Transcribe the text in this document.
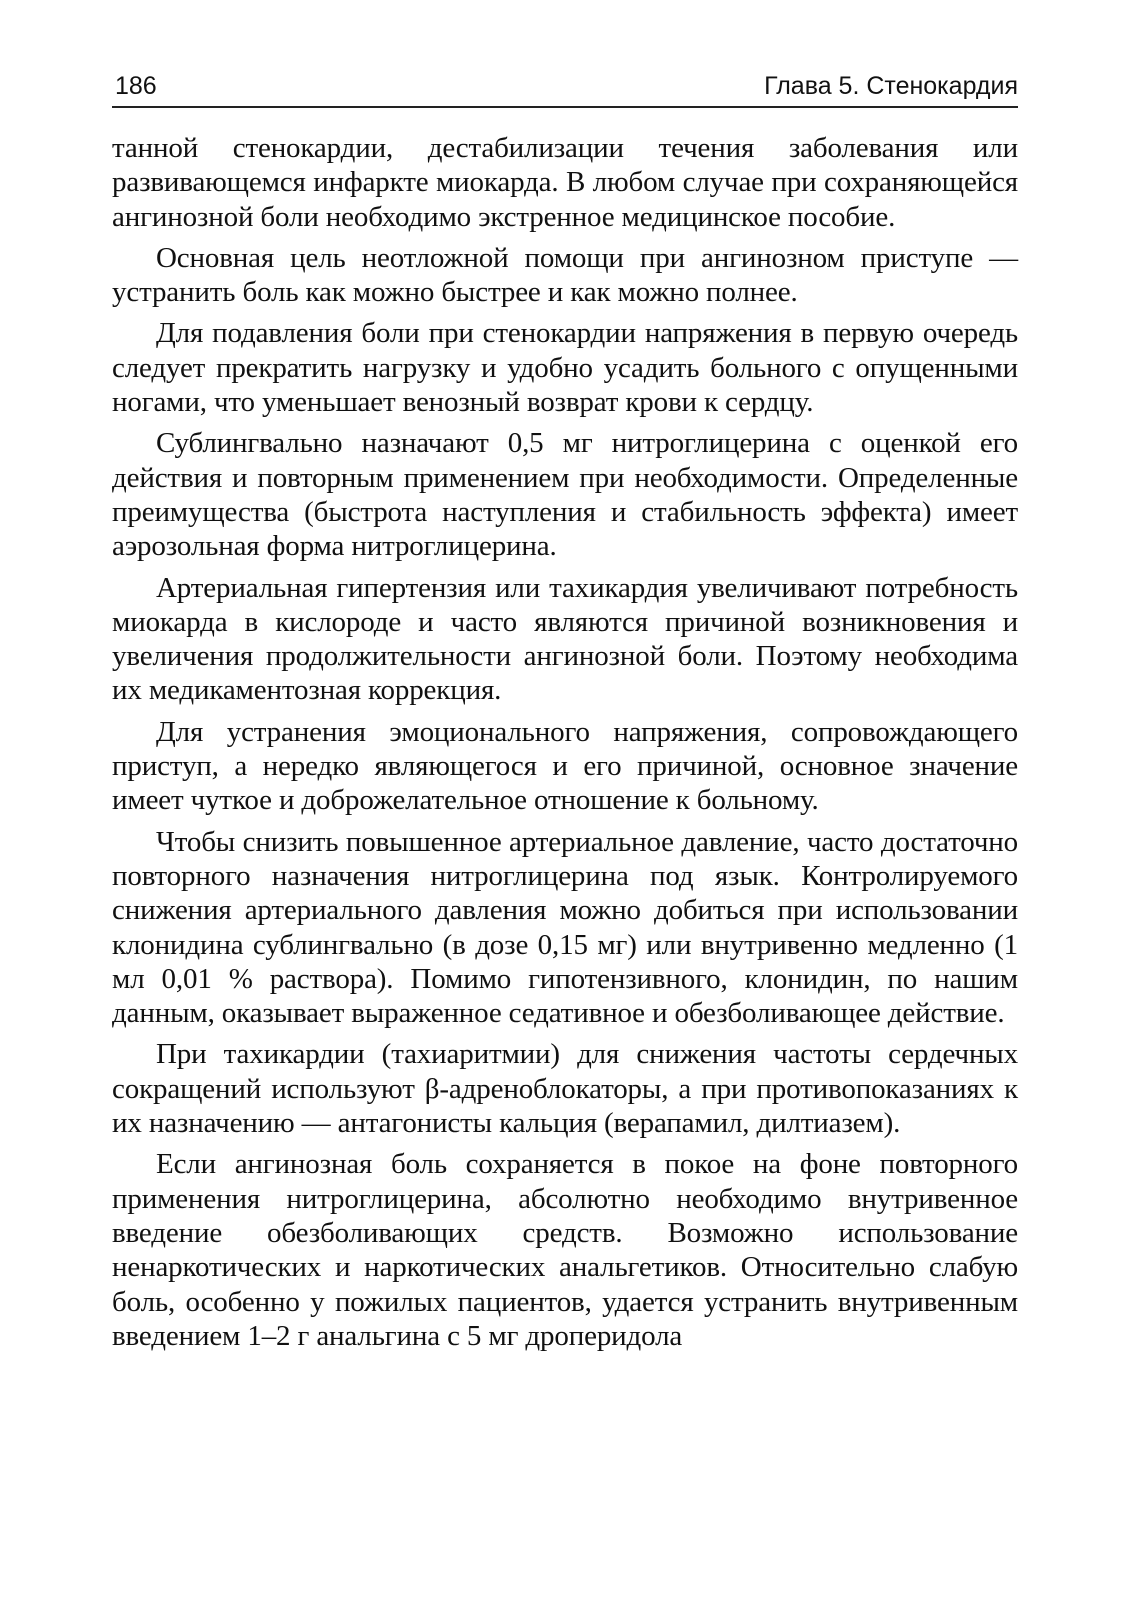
186	Глава 5. Стенокардия

танной стенокардии, дестабилизации течения заболевания или развивающемся инфаркте миокарда. В любом случае при сохраняющейся ангинозной боли необходимо экстренное медицинское пособие.

Основная цель неотложной помощи при ангинозном приступе — устранить боль как можно быстрее и как можно полнее.

Для подавления боли при стенокардии напряжения в первую очередь следует прекратить нагрузку и удобно усадить больного с опущенными ногами, что уменьшает венозный возврат крови к сердцу.

Сублингвально назначают 0,5 мг нитроглицерина с оценкой его действия и повторным применением при необходимости. Определенные преимущества (быстрота наступления и стабильность эффекта) имеет аэрозольная форма нитроглицерина.

Артериальная гипертензия или тахикардия увеличивают потребность миокарда в кислороде и часто являются причиной возникновения и увеличения продолжительности ангинозной боли. Поэтому необходима их медикаментозная коррекция.

Для устранения эмоционального напряжения, сопровождающего приступ, а нередко являющегося и его причиной, основное значение имеет чуткое и доброжелательное отношение к больному.

Чтобы снизить повышенное артериальное давление, часто достаточно повторного назначения нитроглицерина под язык. Контролируемого снижения артериального давления можно добиться при использовании клонидина сублингвально (в дозе 0,15 мг) или внутривенно медленно (1 мл 0,01 % раствора). Помимо гипотензивного, клонидин, по нашим данным, оказывает выраженное седативное и обезболивающее действие.

При тахикардии (тахиаритмии) для снижения частоты сердечных сокращений используют β-адреноблокаторы, а при противопоказаниях к их назначению — антагонисты кальция (верапамил, дилтиазем).

Если ангинозная боль сохраняется в покое на фоне повторного применения нитроглицерина, абсолютно необходимо внутривенное введение обезболивающих средств. Возможно использование ненаркотических и наркотических анальгетиков. Относительно слабую боль, особенно у пожилых пациентов, удается устранить внутривенным введением 1–2 г анальгина с 5 мг дроперидола
